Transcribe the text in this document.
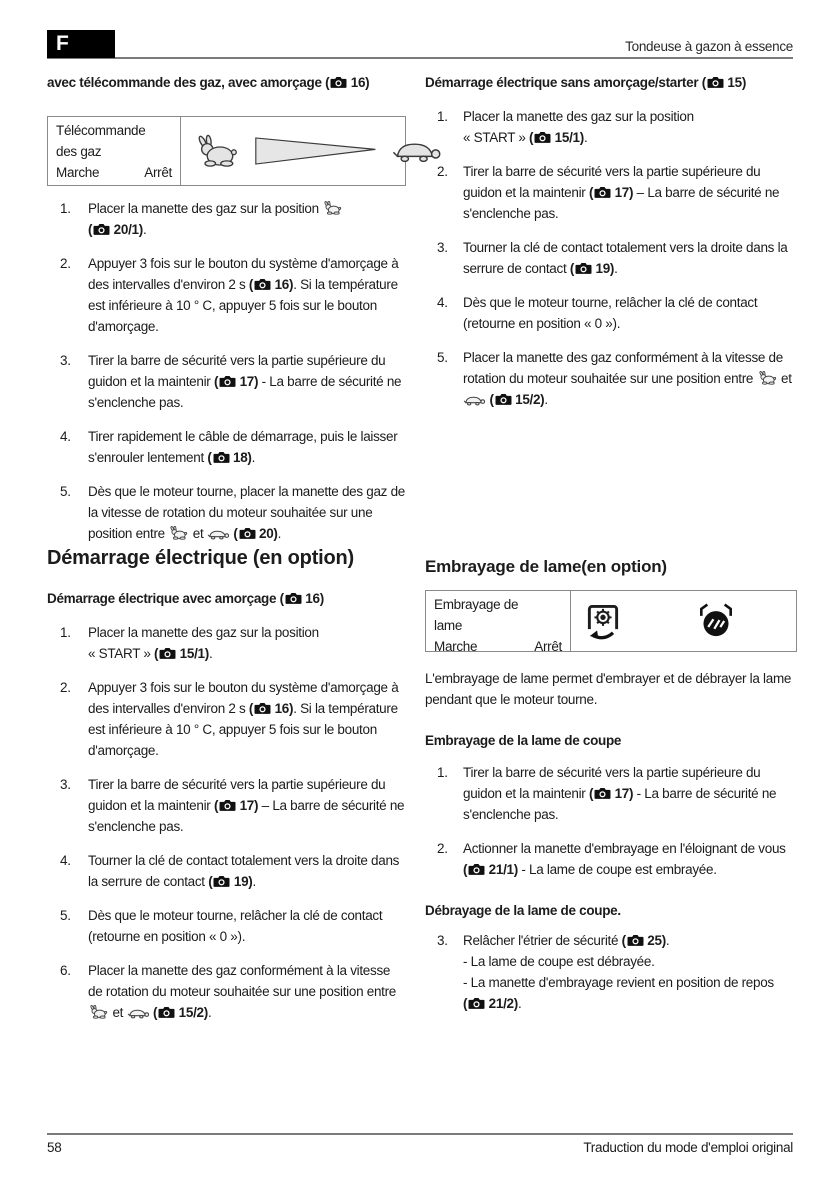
F	Tondeuse à gazon à essence
avec télécommande des gaz, avec amorçage ( 16)
Télécommande
des gaz
Marche	Arrêt
1.	Placer la manette des gaz sur la position
( 20/1).
2.	Appuyer 3 fois sur le bouton du système d'amorçage à des intervalles d'environ 2 s ( 16). Si la température est inférieure à 10 ° C, appuyer 5 fois sur le bouton d'amorçage.
3.	Tirer la barre de sécurité vers la partie supérieure du guidon et la maintenir ( 17) - La barre de sécurité ne s'enclenche pas.
4.	Tirer rapidement le câble de démarrage, puis le laisser s'enrouler lentement ( 18).
5.	Dès que le moteur tourne, placer la manette des gaz de la vitesse de rotation du moteur souhaitée sur une position entre  et  ( 20).
Démarrage électrique (en option)
Démarrage électrique avec amorçage ( 16)
1.	Placer la manette des gaz sur la position
« START » ( 15/1).
2.	Appuyer 3 fois sur le bouton du système d'amorçage à des intervalles d'environ 2 s ( 16). Si la température est inférieure à 10 ° C, appuyer 5 fois sur le bouton d'amorçage.
3.	Tirer la barre de sécurité vers la partie supérieure du guidon et la maintenir ( 17) – La barre de sécurité ne s'enclenche pas.
4.	Tourner la clé de contact totalement vers la droite dans la serrure de contact ( 19).
5.	Dès que le moteur tourne, relâcher la clé de contact (retourne en position « 0 »).
6.	Placer la manette des gaz conformément à la vitesse de rotation du moteur souhaitée sur une position entre  et  ( 15/2).
Démarrage électrique sans amorçage/starter ( 15)
1.	Placer la manette des gaz sur la position
« START » ( 15/1).
2.	Tirer la barre de sécurité vers la partie supérieure du guidon et la maintenir ( 17) – La barre de sécurité ne s'enclenche pas.
3.	Tourner la clé de contact totalement vers la droite dans la serrure de contact ( 19).
4.	Dès que le moteur tourne, relâcher la clé de contact (retourne en position « 0 »).
5.	Placer la manette des gaz conformément à la vitesse de rotation du moteur souhaitée sur une position entre  et  ( 15/2).
Embrayage de lame(en option)
Embrayage de
lame
Marche	Arrêt

L'embrayage de lame permet d'embrayer et de débrayer la lame pendant que le moteur tourne.

Embrayage de la lame de coupe
1.	Tirer la barre de sécurité vers la partie supérieure du guidon et la maintenir ( 17) - La barre de sécurité ne s'enclenche pas.
2.	Actionner la manette d'embrayage en l'éloignant de vous ( 21/1) - La lame de coupe est embrayée.
Débrayage de la lame de coupe.
3.	Relâcher l'étrier de sécurité ( 25).
- La lame de coupe est débrayée.
- La manette d'embrayage revient en position de repos ( 21/2).
58	Traduction du mode d'emploi original
